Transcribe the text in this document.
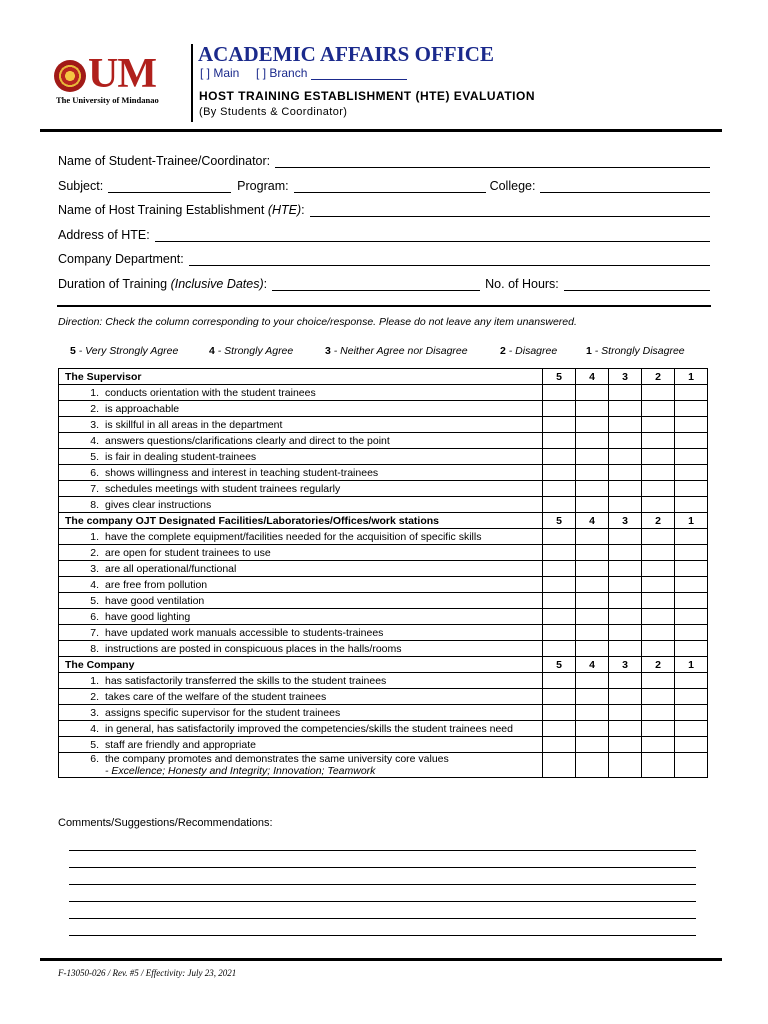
UM
The University of Mindanao
ACADEMIC AFFAIRS OFFICE
[ ] Main [ ] Branch
HOST TRAINING ESTABLISHMENT (HTE) EVALUATION
(By Students & Coordinator)
Name of Student-Trainee/Coordinator:
Subject:	Program:	College:
Name of Host Training Establishment (HTE):
Address of HTE:
Company Department:
Duration of Training (Inclusive Dates):	No. of Hours:
Direction: Check the column corresponding to your choice/response. Please do not leave any item unanswered.
5 - Very Strongly Agree	4 - Strongly Agree	3 - Neither Agree nor Disagree	2 - Disagree	1 - Strongly Disagree
The Supervisor	5	4	3	2	1

1. conducts orientation with the student trainees					

2. is approachable					

3. is skillful in all areas in the department					

4. answers questions/clarifications clearly and direct to the point					

5. is fair in dealing student-trainees					

6. shows willingness and interest in teaching student-trainees					

7. schedules meetings with student trainees regularly					

8. gives clear instructions					

The company OJT Designated Facilities/Laboratories/Offices/work stations	5	4	3	2	1

1. have the complete equipment/facilities needed for the acquisition of specific skills					

2. are open for student trainees to use					

3. are all operational/functional					

4. are free from pollution					

5. have good ventilation					

6. have good lighting					

7. have updated work manuals accessible to students-trainees					

8. instructions are posted in conspicuous places in the halls/rooms					

The Company	5	4	3	2	1

1. has satisfactorily transferred the skills to the student trainees					

2. takes care of the welfare of the student trainees					

3. assigns specific supervisor for the student trainees					

4. in general, has satisfactorily improved the competencies/skills the student trainees need					

5. staff are friendly and appropriate					

6. the company promotes and demonstrates the same university core values
- Excellence; Honesty and Integrity; Innovation; Teamwork					

Comments/Suggestions/Recommendations:
F-13050-026 / Rev. #5 / Effectivity: July 23, 2021
